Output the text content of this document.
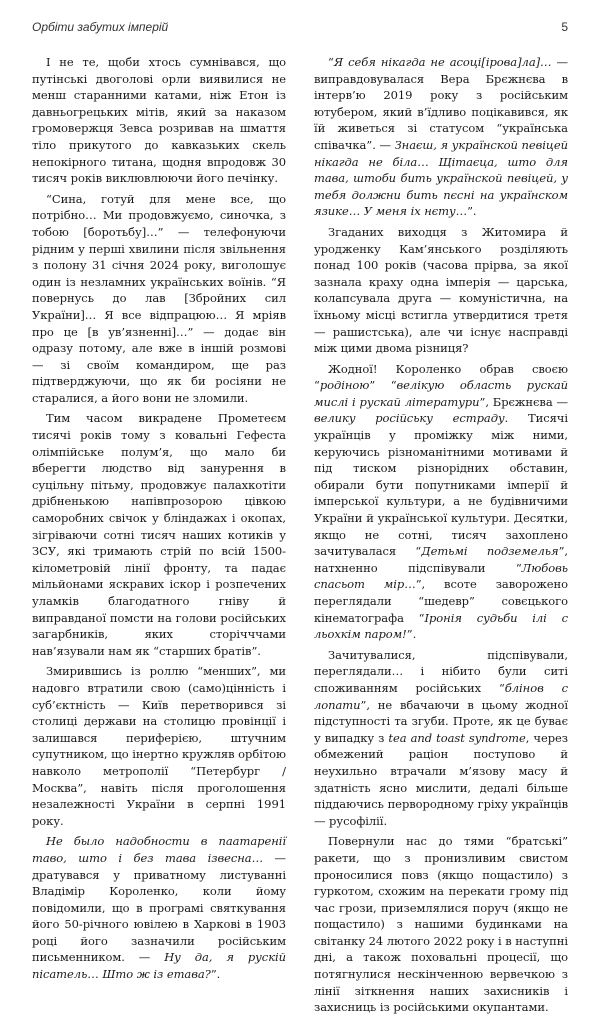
Орбіти забутих імперій	5

І не те, щоби хтось сумнівався, що путінські двоголові орли виявилися не менш старанними катами, ніж Етон із давньогрецьких мітів, який за наказом громовержця Зевса розривав на шмаття тіло прикутого до кавказьких скель непокірного титана, щодня впродовж 30 тисяч років виклювлюючи його печінку.

“Сина, готуй для мене все, що потрібно… Ми продовжуємо, синочка, з тобою [боротьбу]…” — телефонуючи рідним у перші хвилини після звільнення з полону 31 січня 2024 року, виголошує один із незламних українських воїнів. “Я повернусь до лав [Збройних сил України]… Я все відпрацюю… Я мріяв про це [в ув’язненні]…” — додає він одразу потому, але вже в іншій розмові — зі своїм командиром, ще раз підтверджуючи, що як би росіяни не старалися, а його вони не зломили.

Тим часом викрадене Прометеєм тисячі років тому з ковальні Гефеста олімпійське полум’я, що мало би вберегти людство від занурення в суцільну пітьму, продовжує палахкотіти дрібненькою напівпрозорою цівкою саморобних свічок у бліндажах і окопах, зігріваючи сотні тисяч наших котиків у ЗСУ, які тримають стрій по всій 1500-кілометровій лінії фронту, та падає мільйонами яскравих іскор і розпечених уламків благодатного гніву й виправданої помсти на голови російських загарбників, яких сторічччами нав’язували нам як “старших братів”.

Змирившись із роллю “менших”, ми надовго втратили свою (само)цінність і суб’єктність — Київ перетворився зі столиці держави на столицю провінції і залишався периферією, штучним супутником, що інертно кружляв орбітою навколо метрополії “Петербург / Москва”, навіть після проголошення незалежності України в серпні 1991 року.

Не было надобности в паатаренії таво, што і без тава ізвесна… — дратувався у приватному листуванні Владімір Короленко, коли йому повідомили, що в програмі святкування його 50-річного ювілею в Харкові в 1903 році його зазначили російським письменником. — Ну да, я рускій пісатель… Што ж із етава?”.

“Я себя нікагда не асоці[ірова]ла]… — виправдовувалася Вера Брєжнєва в інтерв’ю 2019 року з російським ютубером, який в’їдливо поцікавився, як їй живеться зі статусом “українська співачка”. — Знаєш, я українской певіцей нікагда не біла… Щітаєца, што для тава, штоби бить українской певіцей, у тебя должни бить пєсні на українском язике… У меня іх нєту…”.

Згаданих виходця з Житомира й уродженку Кам’янського розділяють понад 100 років (часова прірва, за якої зазнала краху одна імперія — царська, колапсувала друга — комуністична, на їхньому місці встигла утвердитися третя — рашистська), але чи існує насправді між цими двома різниця?

Жодної! Короленко обрав своєю “родіною” “велікую область рускай мислі і рускай літератури”, Брєжнєва — велику російську естраду. Тисячі українців у проміжку між ними, керуючись різноманітними мотивами й під тиском різнорідних обставин, обирали бути попутниками імперії й імперської культури, а не будівничими України й української культури. Десятки, якщо не сотні, тисяч захоплено зачитувалася “Детьмі подземелья”, натхненно підспівували “Любовь спасьот мір…”, всоте заворожено переглядали “шедевр” совєцького кінематографа “Іронія судьби ілі с льохкім паром!”.

Зачитувалися, підспівували, переглядали… і нібито були ситі споживанням російських “блінов с лопати”, не вбачаючи в цьому жодної підступності та згуби. Проте, як це буває у випадку з tea and toast syndrome, через обмежений раціон поступово й неухильно втрачали м’язову масу й здатність ясно мислити, дедалі більше піддаючись первородному гріху українців — русофілії.

Повернули нас до тями “братські” ракети, що з пронизливим свистом проносилися повз (якщо пощастило) з гуркотом, схожим на перекати грому під час грози, приземлялися поруч (якщо не пощастило) з нашими будинками на світанку 24 лютого 2022 року і в наступні дні, а також поховальні процесії, що потягнулися нескінченною вервечкою з лінії зіткнення наших захисників і захисниць із російськими окупантами.
